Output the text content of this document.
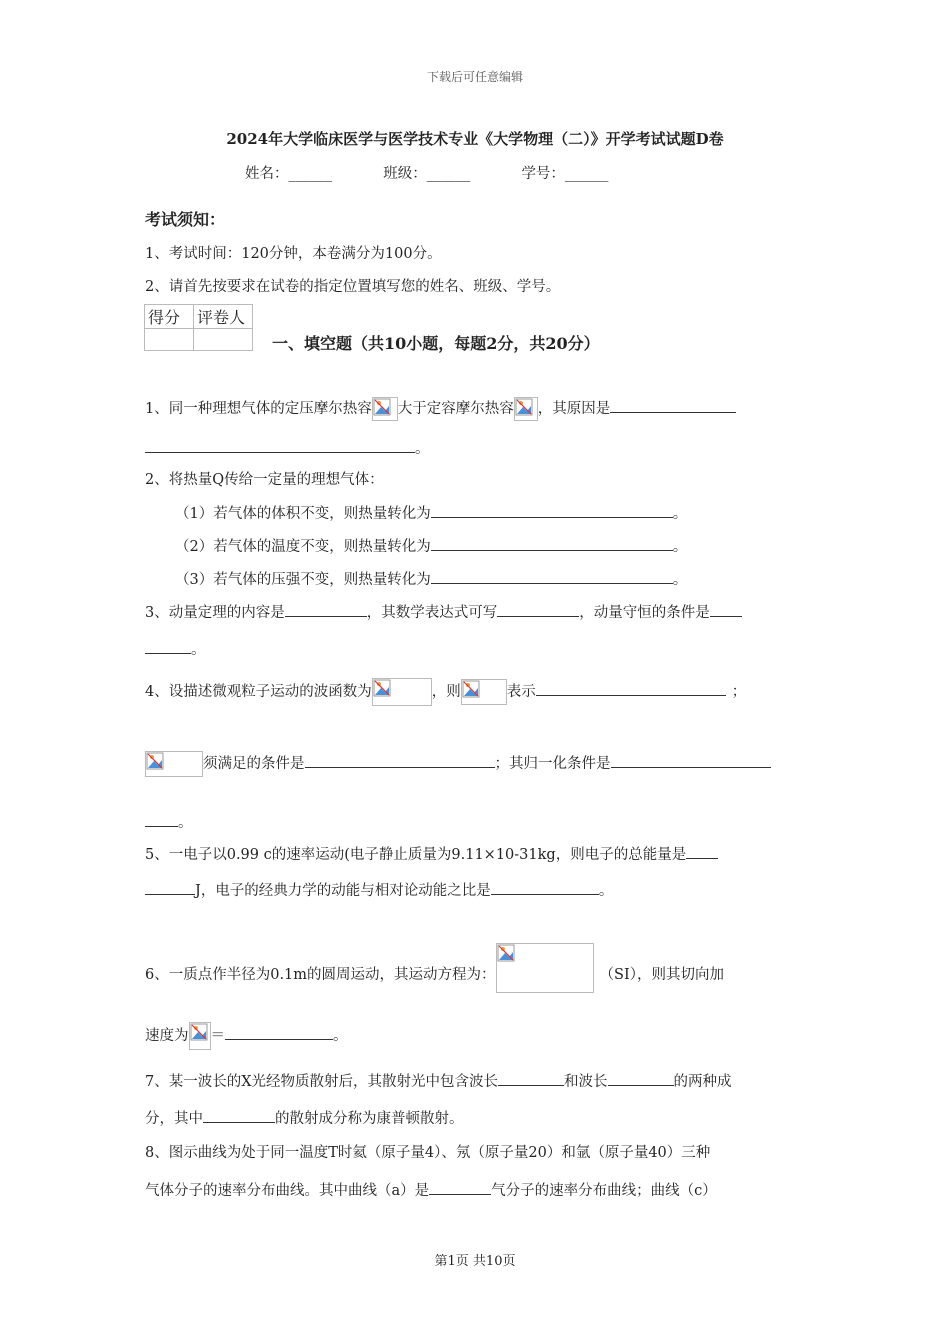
下载后可任意编辑
2024年大学临床医学与医学技术专业《大学物理（二）》开学考试试题D卷
姓名：______	班级：______	学号：______
考试须知：
1、考试时间：120分钟，本卷满分为100分。
2、请首先按要求在试卷的指定位置填写您的姓名、班级、学号。
得分	评卷人

一、填空题（共10小题，每题2分，共20分）
1、同一种理想气体的定压摩尔热容 大于定容摩尔热容 ，其原因是
。
2、将热量Q传给一定量的理想气体：
（1）若气体的体积不变，则热量转化为	。
（2）若气体的温度不变，则热量转化为	。
（3）若气体的压强不变，则热量转化为	。
3、动量定理的内容是	，其数学表达式可写	，动量守恒的条件是
。
4、设描述微观粒子运动的波函数为	，则	表示	；
须满足的条件是	；其归一化条件是
。
5、一电子以0.99 c的速率运动(电子静止质量为9.11×10-31kg，则电子的总能量是
J，电子的经典力学的动能与相对论动能之比是	。
6、一质点作半径为0.1m的圆周运动，其运动方程为：	（SI），则其切向加
速度为 ＝	。
7、某一波长的X光经物质散射后，其散射光中包含波长	和波长	的两种成
分，其中	的散射成分称为康普顿散射。
8、图示曲线为处于同一温度T时氦（原子量4）、氖（原子量20）和氩（原子量40）三种
气体分子的速率分布曲线。其中曲线（a）是	气分子的速率分布曲线；曲线（c）
第1页 共10页
